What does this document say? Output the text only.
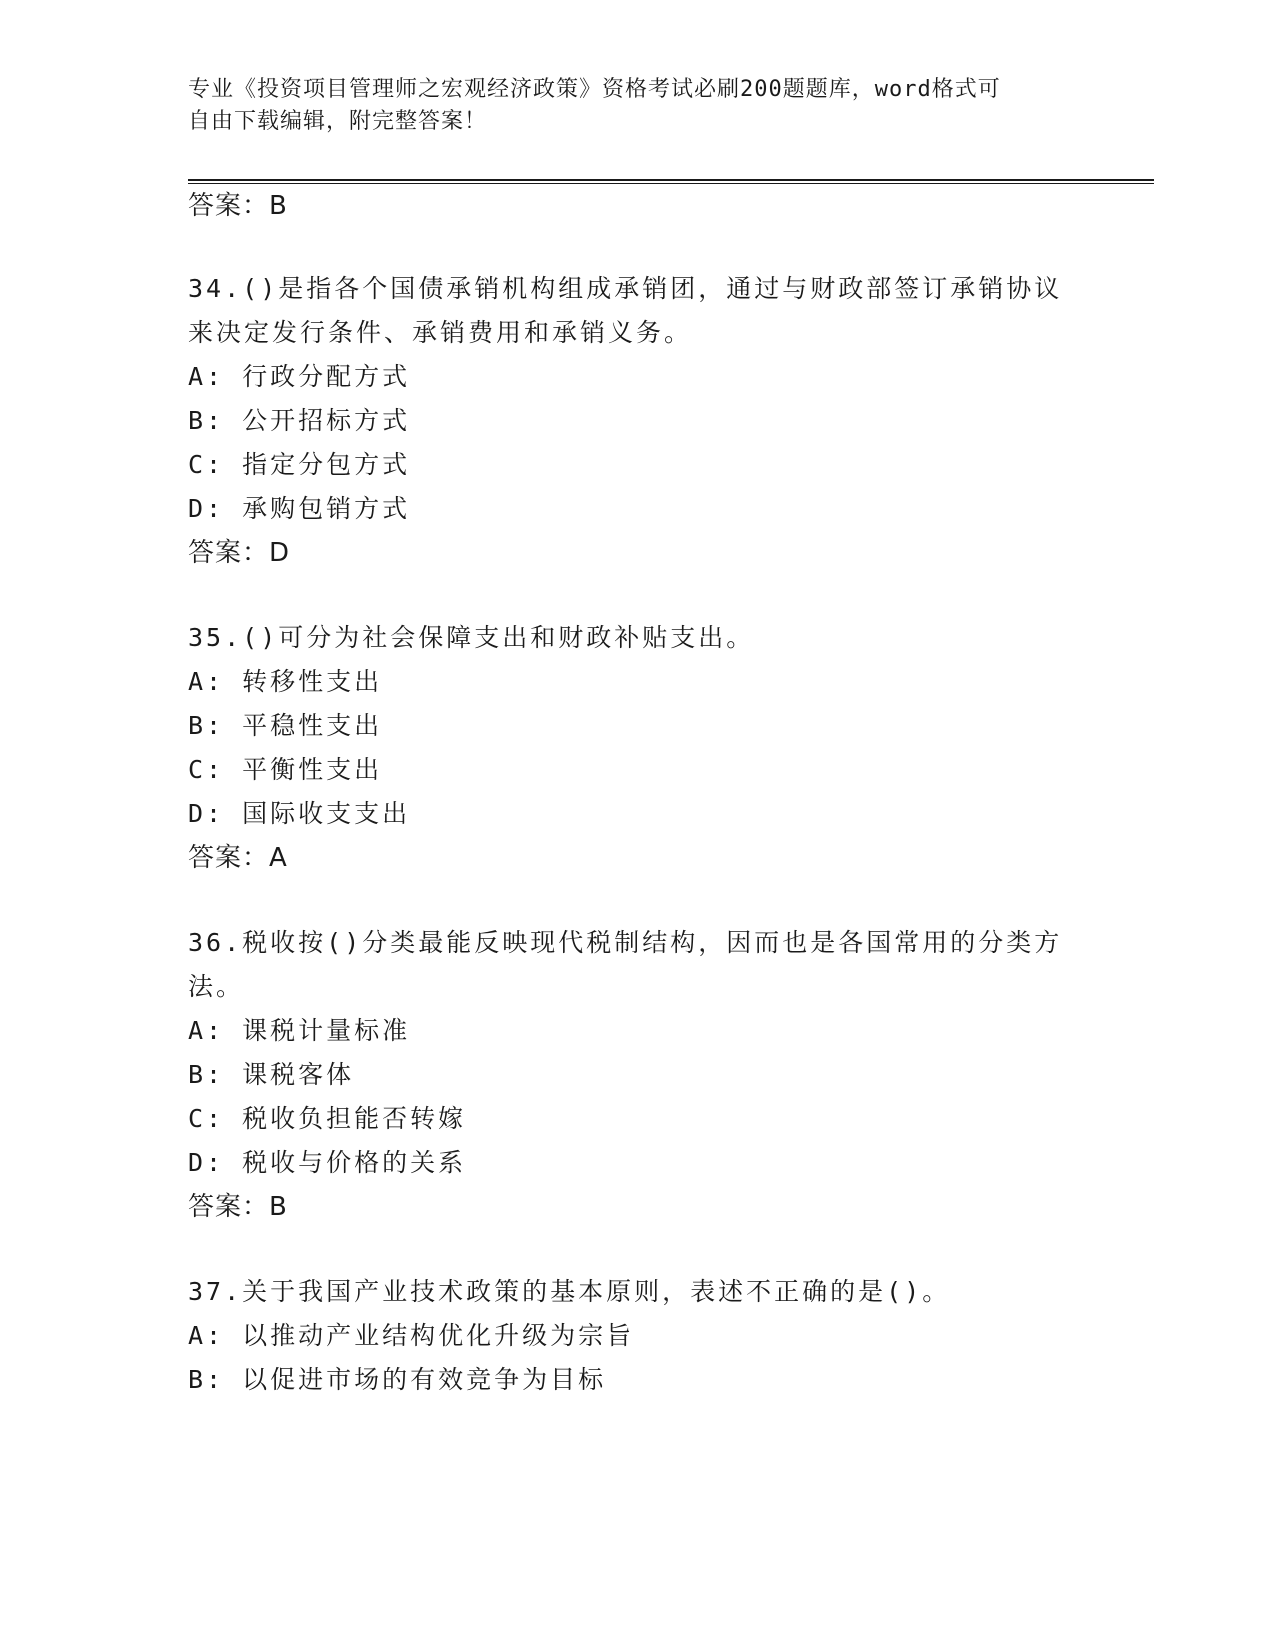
专业《投资项目管理师之宏观经济政策》资格考试必刷200题题库，word格式可
自由下载编辑，附完整答案！
答案：B
34.()是指各个国债承销机构组成承销团，通过与财政部签订承销协议
来决定发行条件、承销费用和承销义务。
A: 行政分配方式
B: 公开招标方式
C: 指定分包方式
D: 承购包销方式
答案：D
35.()可分为社会保障支出和财政补贴支出。
A: 转移性支出
B: 平稳性支出
C: 平衡性支出
D: 国际收支支出
答案：A
36.税收按()分类最能反映现代税制结构，因而也是各国常用的分类方
法。
A: 课税计量标准
B: 课税客体
C: 税收负担能否转嫁
D: 税收与价格的关系
答案：B
37.关于我国产业技术政策的基本原则，表述不正确的是()。
A: 以推动产业结构优化升级为宗旨
B: 以促进市场的有效竞争为目标
